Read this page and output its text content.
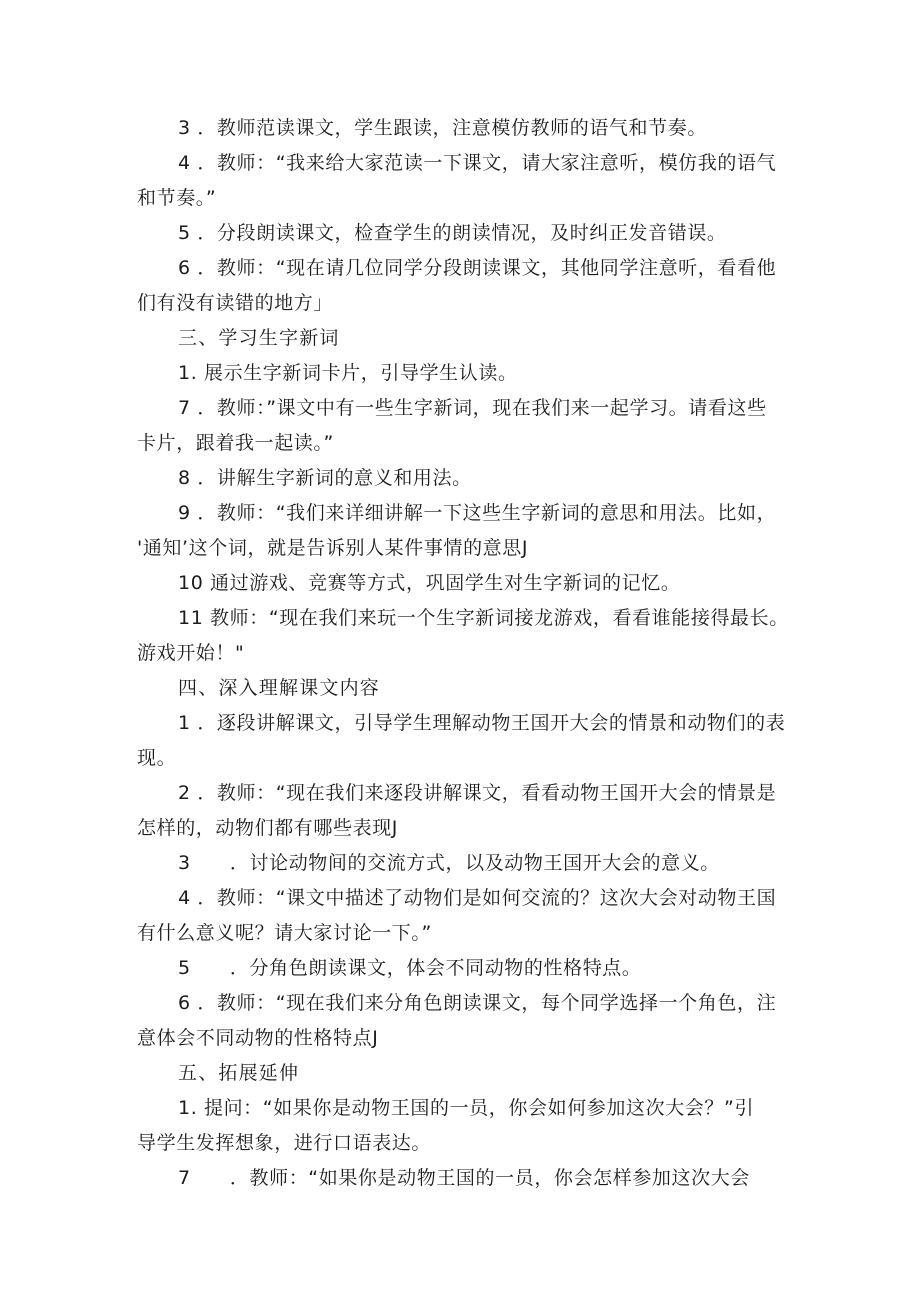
3 ．教师范读课文，学生跟读，注意模仿教师的语气和节奏。
4 ．教师：“我来给大家范读一下课文，请大家注意听，模仿我的语气
和节奏。”
5 ．分段朗读课文，检查学生的朗读情况，及时纠正发音错误。
6 ．教师：“现在请几位同学分段朗读课文，其他同学注意听，看看他
们有没有读错的地方」
三、学习生字新词
1. 展示生字新词卡片，引导学生认读。
7 ．教师：”课文中有一些生字新词，现在我们来一起学习。请看这些
卡片，跟着我一起读。”
8 ．讲解生字新词的意义和用法。
9 ．教师：“我们来详细讲解一下这些生字新词的意思和用法。比如，
'通知’这个词，就是告诉别人某件事情的意思J
10 通过游戏、竞赛等方式，巩固学生对生字新词的记忆。
11 教师：“现在我们来玩一个生字新词接龙游戏，看看谁能接得最长。
游戏开始！"
四、深入理解课文内容
1 ．逐段讲解课文，引导学生理解动物王国开大会的情景和动物们的表
现。
2 ．教师：“现在我们来逐段讲解课文，看看动物王国开大会的情景是
怎样的，动物们都有哪些表现J
3　　．讨论动物间的交流方式，以及动物王国开大会的意义。
4 ．教师：“课文中描述了动物们是如何交流的？这次大会对动物王国
有什么意义呢？请大家讨论一下。”
5　　．分角色朗读课文，体会不同动物的性格特点。
6 ．教师：“现在我们来分角色朗读课文，每个同学选择一个角色，注
意体会不同动物的性格特点J
五、拓展延伸
1. 提问：“如果你是动物王国的一员，你会如何参加这次大会？”引
导学生发挥想象，进行口语表达。
7　　．教师：“如果你是动物王国的一员，你会怎样参加这次大会
